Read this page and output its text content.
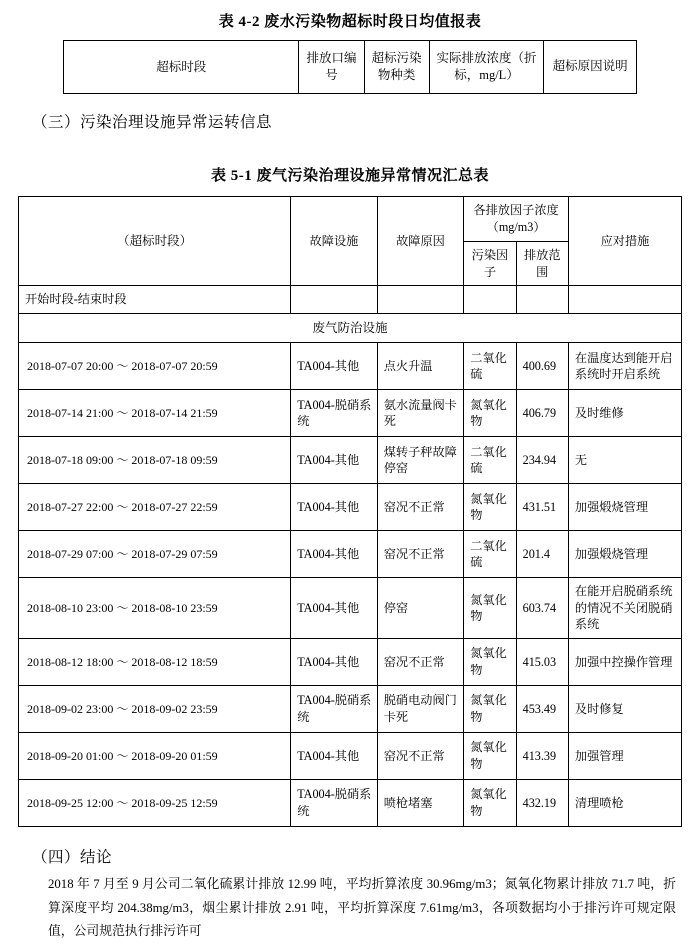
表 4-2 废水污染物超标时段日均值报表
超标时段	排放口编号	超标污染物种类	实际排放浓度（折标，mg/L）	超标原因说明
（三）污染治理设施异常运转信息
表 5-1 废气污染治理设施异常情况汇总表
（超标时段）	故障设施	故障原因	各排放因子浓度（mg/m3）		应对措施
			污染因子	排放范围	
开始时段-结束时段					
废气防治设施					
2018-07-07 20:00 ～ 2018-07-07 20:59	TA004-其他	点火升温	二氧化硫	400.69	在温度达到能开启系统时开启系统
2018-07-14 21:00 ～ 2018-07-14 21:59	TA004-脱硝系统	氨水流量阀卡死	氮氧化物	406.79	及时维修
2018-07-18 09:00 ～ 2018-07-18 09:59	TA004-其他	煤转子秤故障停窑	二氧化硫	234.94	无
2018-07-27 22:00 ～ 2018-07-27 22:59	TA004-其他	窑况不正常	氮氧化物	431.51	加强煅烧管理
2018-07-29 07:00 ～ 2018-07-29 07:59	TA004-其他	窑况不正常	二氧化硫	201.4	加强煅烧管理
2018-08-10 23:00 ～ 2018-08-10 23:59	TA004-其他	停窑	氮氧化物	603.74	在能开启脱硝系统的情况不关闭脱硝系统
2018-08-12 18:00 ～ 2018-08-12 18:59	TA004-其他	窑况不正常	氮氧化物	415.03	加强中控操作管理
2018-09-02 23:00 ～ 2018-09-02 23:59	TA004-脱硝系统	脱硝电动阀门卡死	氮氧化物	453.49	及时修复
2018-09-20 01:00 ～ 2018-09-20 01:59	TA004-其他	窑况不正常	氮氧化物	413.39	加强管理
2018-09-25 12:00 ～ 2018-09-25 12:59	TA004-脱硝系统	喷枪堵塞	氮氧化物	432.19	清理喷枪
（四）结论
2018 年 7 月至 9 月公司二氧化硫累计排放 12.99 吨，平均折算浓度 30.96mg/m3；氮氧化物累计排放 71.7 吨，折算深度平均 204.38mg/m3，烟尘累计排放 2.91 吨，平均折算深度 7.61mg/m3，各项数据均小于排污许可规定限值，公司规范执行排污许可
